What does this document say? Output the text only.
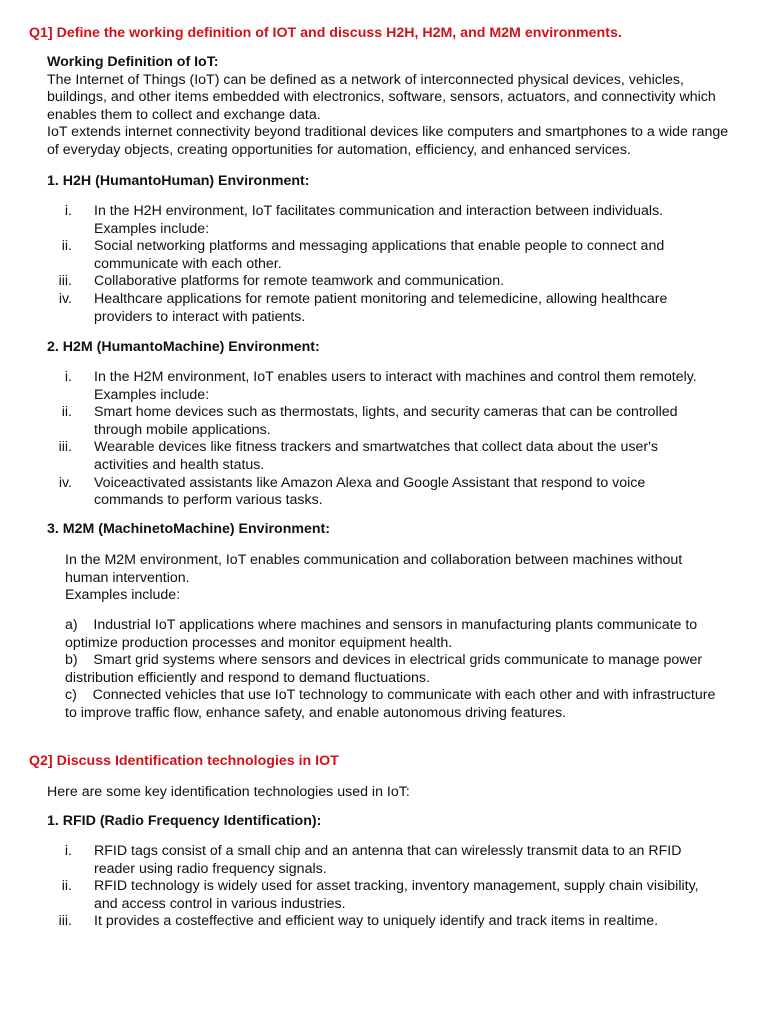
Q1] Define the working definition of IOT and discuss H2H, H2M, and M2M environments.
Working Definition of IoT:
The Internet of Things (IoT) can be defined as a network of interconnected physical devices, vehicles, buildings, and other items embedded with electronics, software, sensors, actuators, and connectivity which enables them to collect and exchange data.
IoT extends internet connectivity beyond traditional devices like computers and smartphones to a wide range of everyday objects, creating opportunities for automation, efficiency, and enhanced services.
1. H2H (HumantoHuman) Environment:
i. In the H2H environment, IoT facilitates communication and interaction between individuals. Examples include:
ii. Social networking platforms and messaging applications that enable people to connect and communicate with each other.
iii. Collaborative platforms for remote teamwork and communication.
iv. Healthcare applications for remote patient monitoring and telemedicine, allowing healthcare providers to interact with patients.
2. H2M (HumantoMachine) Environment:
i. In the H2M environment, IoT enables users to interact with machines and control them remotely. Examples include:
ii. Smart home devices such as thermostats, lights, and security cameras that can be controlled through mobile applications.
iii. Wearable devices like fitness trackers and smartwatches that collect data about the user's activities and health status.
iv. Voiceactivated assistants like Amazon Alexa and Google Assistant that respond to voice commands to perform various tasks.
3. M2M (MachinetoMachine) Environment:
In the M2M environment, IoT enables communication and collaboration between machines without human intervention.
Examples include:
a)    Industrial IoT applications where machines and sensors in manufacturing plants communicate to optimize production processes and monitor equipment health.
b)    Smart grid systems where sensors and devices in electrical grids communicate to manage power distribution efficiently and respond to demand fluctuations.
c)    Connected vehicles that use IoT technology to communicate with each other and with infrastructure to improve traffic flow, enhance safety, and enable autonomous driving features.
Q2] Discuss Identification technologies in IOT
Here are some key identification technologies used in IoT:
1. RFID (Radio Frequency Identification):
i. RFID tags consist of a small chip and an antenna that can wirelessly transmit data to an RFID reader using radio frequency signals.
ii. RFID technology is widely used for asset tracking, inventory management, supply chain visibility, and access control in various industries.
iii. It provides a costeffective and efficient way to uniquely identify and track items in realtime.
